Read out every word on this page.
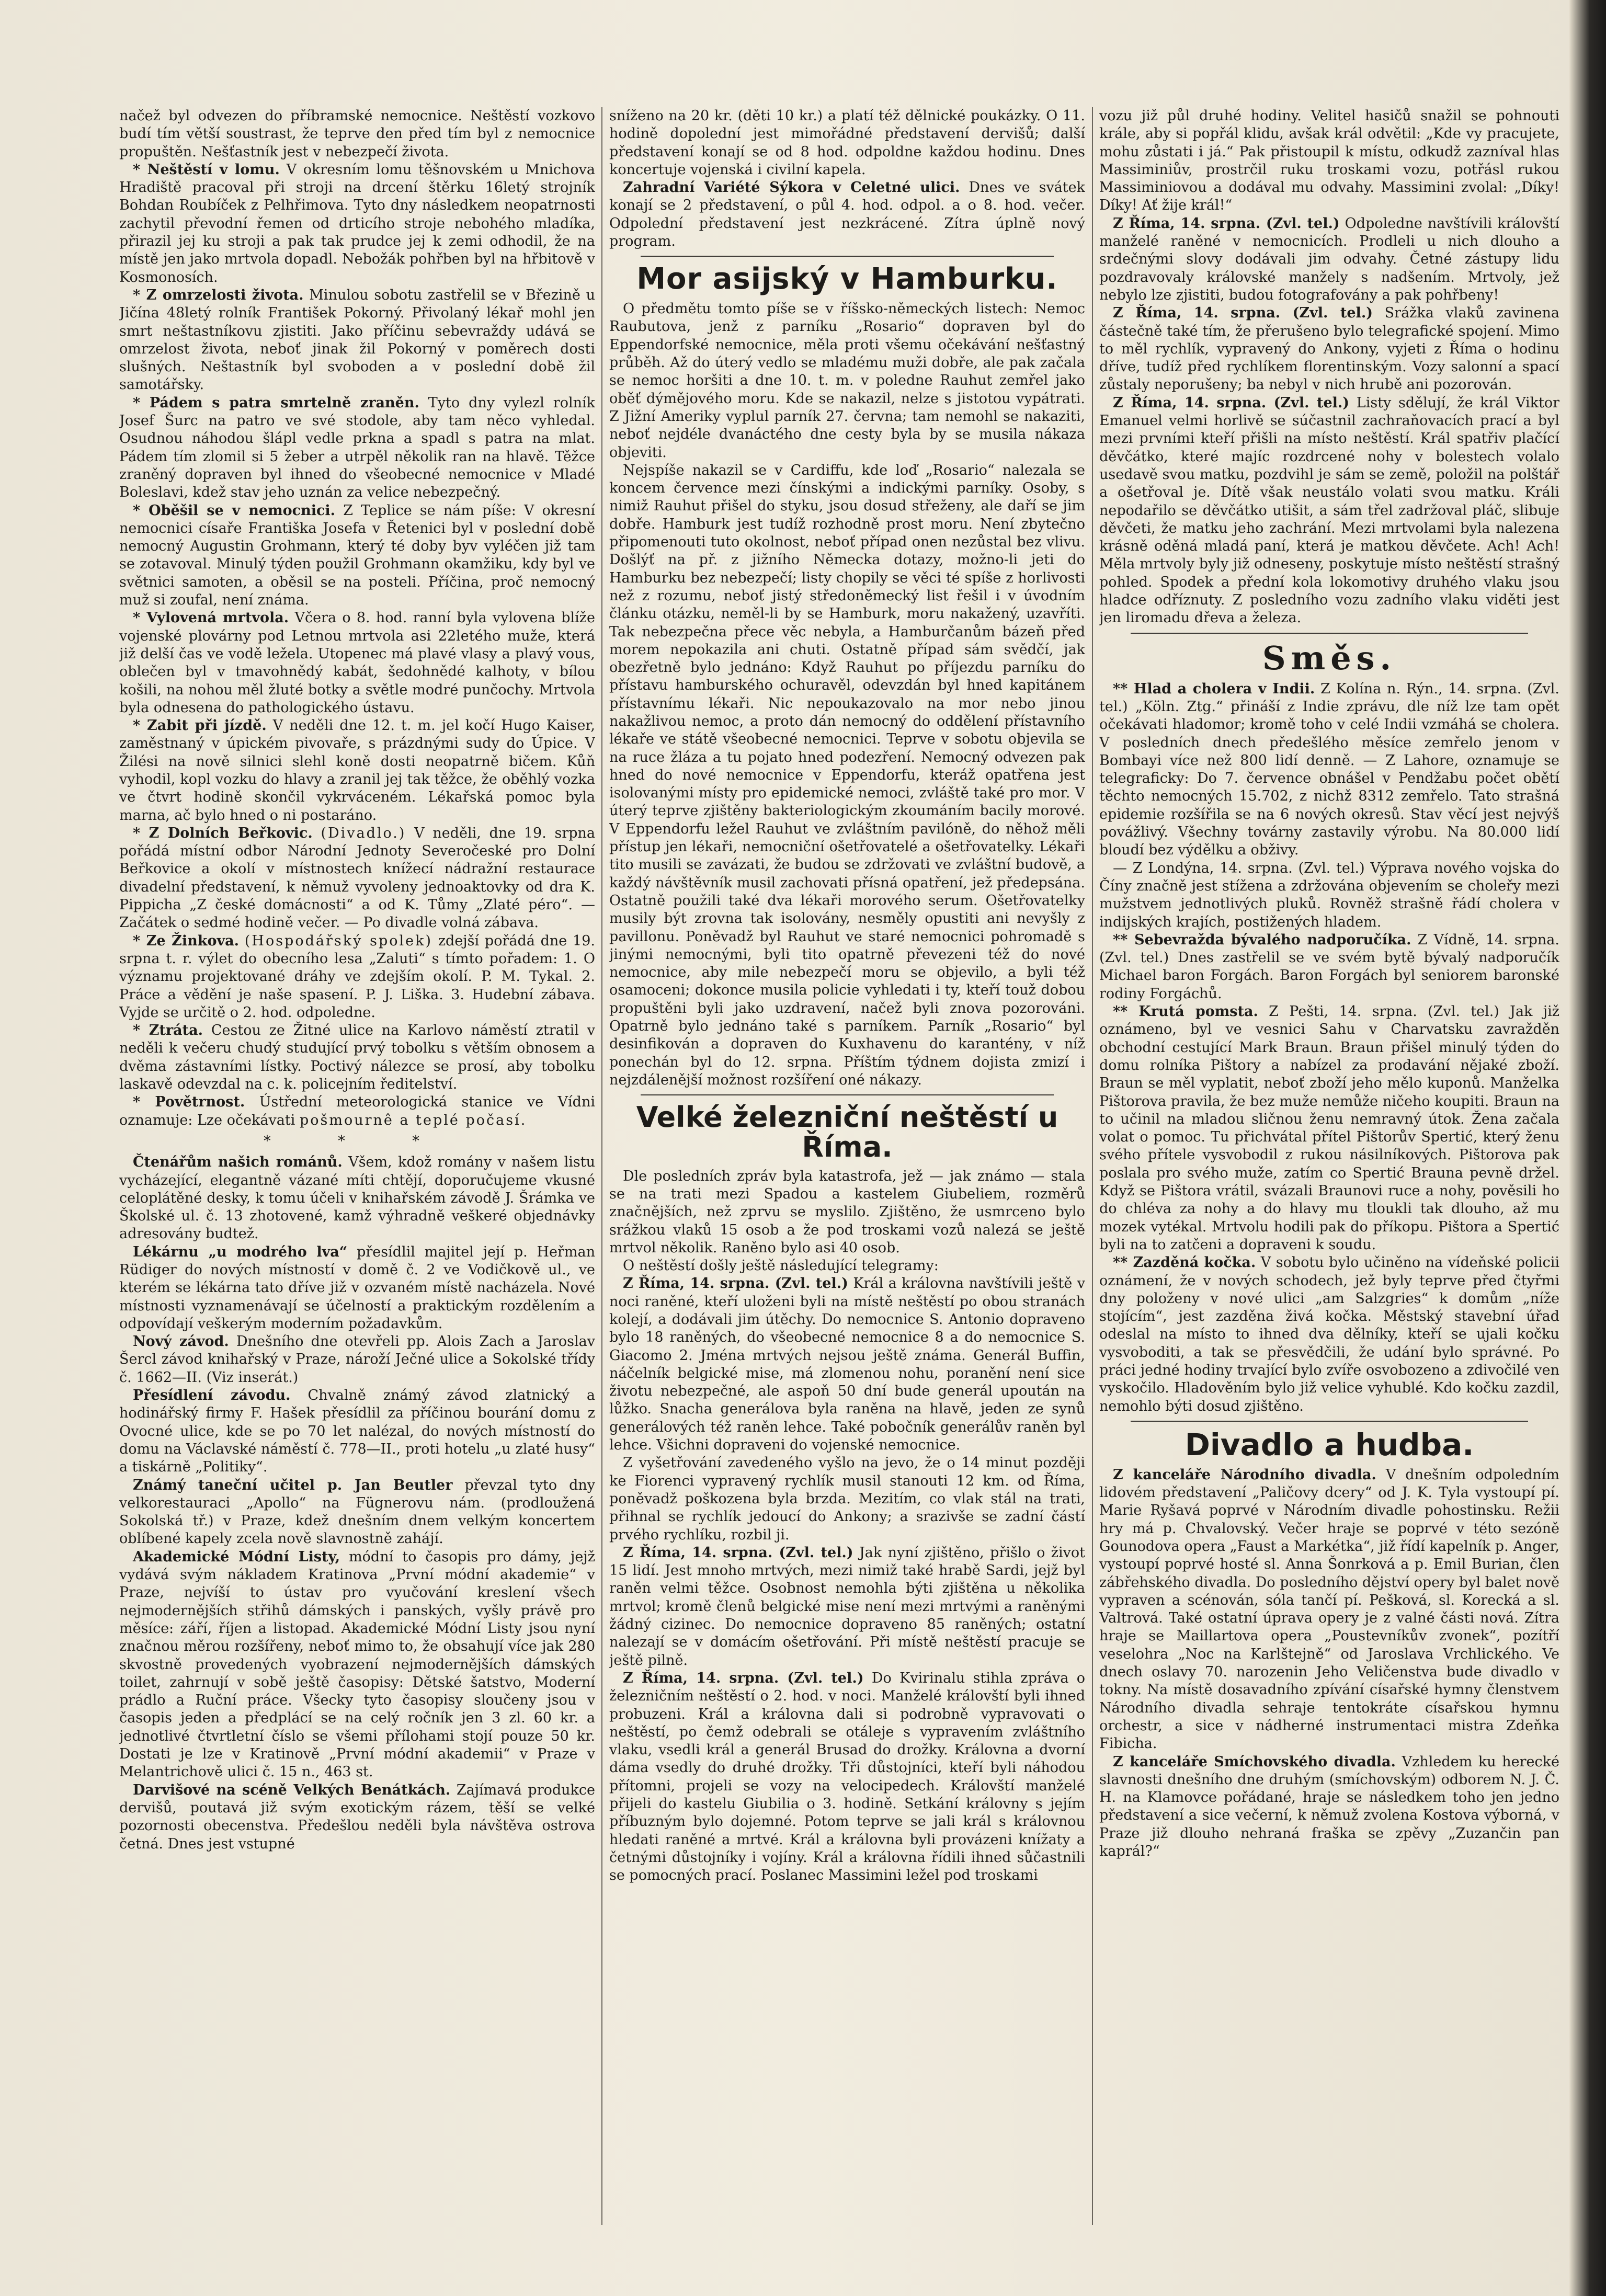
načež byl odvezen do příbramské nemocnice. Neštěstí vozkovo budí tím větší soustrast, že teprve den před tím byl z nemocnice propuštěn. Nešťastník jest v nebezpečí života.

* Neštěstí v lomu. V okresním lomu těšnovském u Mnichova Hradiště pracoval při stroji na drcení štěrku 16letý strojník Bohdan Roubíček z Pelhřimova. Tyto dny následkem neopatrnosti zachytil převodní řemen od drticího stroje nebohého mladíka, přirazil jej ku stroji a pak tak prudce jej k zemi odhodil, že na místě jen jako mrtvola dopadl. Nebožák pohřben byl na hřbitově v Kosmonosích.

* Z omrzelosti života. Minulou sobotu zastřelil se v Březině u Jičína 48letý rolník František Pokorný. Přivolaný lékař mohl jen smrt neštastníkovu zjistiti. Jako příčinu sebevraždy udává se omrzelost života, neboť jinak žil Pokorný v poměrech dosti slušných. Neštastník byl svoboden a v poslední době žil samotářsky.

* Pádem s patra smrtelně zraněn. Tyto dny vylezl rolník Josef Šurc na patro ve své stodole, aby tam něco vyhledal. Osudnou náhodou šlápl vedle prkna a spadl s patra na mlat. Pádem tím zlomil si 5 žeber a utrpěl několik ran na hlavě. Těžce zraněný dopraven byl ihned do všeobecné nemocnice v Mladé Boleslavi, kdež stav jeho uznán za velice nebezpečný.

* Oběšil se v nemocnici. Z Teplice se nám píše: V okresní nemocnici císaře Františka Josefa v Řetenici byl v poslední době nemocný Augustin Grohmann, který té doby byv vyléčen již tam se zotavoval. Minulý týden použil Grohmann okamžiku, kdy byl ve světnici samoten, a oběsil se na posteli. Příčina, proč nemocný muž si zoufal, není známa.

* Vylovená mrtvola. Včera o 8. hod. ranní byla vylovena blíže vojenské plovárny pod Letnou mrtvola asi 22letého muže, která již delší čas ve vodě ležela. Utopenec má plavé vlasy a plavý vous, oblečen byl v tmavohnědý kabát, šedohnědé kalhoty, v bílou košili, na nohou měl žluté botky a světle modré punčochy. Mrtvola byla odnesena do pathologického ústavu.

* Zabit při jízdě. V neděli dne 12. t. m. jel kočí Hugo Kaiser, zaměstnaný v úpickém pivovaře, s prázdnými sudy do Úpice. V Žilési na nově silnici slehl koně dosti neopatrně bičem. Kůň vyhodil, kopl vozku do hlavy a zranil jej tak těžce, že oběhlý vozka ve čtvrt hodině skončil vykrváceném. Lékařská pomoc byla marna, ač bylo hned o ni postaráno.

* Z Dolních Beřkovic. (Divadlo.) V neděli, dne 19. srpna pořádá místní odbor Národní Jednoty Severočeské pro Dolní Beřkovice a okolí v místnostech knížecí nádražní restaurace divadelní představení, k němuž vyvoleny jednoaktovky od drа K. Pippicha „Z české domácnosti“ a od K. Tůmy „Zlaté péro“. — Začátek o sedmé hodině večer. — Po divadle volná zábava.

* Ze Žinkova. (Hospodářský spolek) zdejší pořádá dne 19. srpna t. r. výlet do obecního lesa „Zaluti“ s tímto pořadem: 1. O významu projektované dráhy ve zdejším okolí. P. M. Tykal. 2. Práce a vědění je naše spasení. P. J. Liška. 3. Hudební zábava. Vyjde se určitě o 2. hod. odpoledne.

* Ztráta. Cestou ze Žitné ulice na Karlovo náměstí ztratil v neděli k večeru chudý studující prvý tobolku s větším obnosem a dvěma zástavními lístky. Poctivý nálezce se prosí, aby tobolku laskavě odevzdal na c. k. policejním ředitelství.

* Povětrnost. Ústřední meteorologická stanice ve Vídni oznamuje: Lze očekávati pošmournê a teplé počasí.

* * *

Čtenářům našich románů. Všem, kdož romány v našem listu vycházející, elegantně vázané míti chtějí, doporučujeme vkusné celoplátěné desky, k tomu účeli v knihařském závodě J. Šrámka ve Školské ul. č. 13 zhotovené, kamž výhradně veškeré objednávky adresovány budtež.

Lékárnu „u modrého lva“ přesídlil majitel její p. Heřman Rüdiger do nových místností v domě č. 2 ve Vodičkově ul., ve kterém se lékárna tato dříve již v ozvaném místě nacházela. Nové místnosti vyznamenávají se účelností a praktickým rozdělením a odpovídají veškerým moderním požadavkům.

Nový závod. Dnešního dne otevřeli pp. Alois Zach a Jaroslav Šercl závod knihařský v Praze, nároží Ječné ulice a Sokolské třídy č. 1662—II. (Viz inserát.)

Přesídlení závodu. Chvalně známý závod zlatnický a hodinářský firmy F. Hašek přesídlil za příčinou bourání domu z Ovocné ulice, kde se po 70 let nalézal, do nových místností do domu na Václavské náměstí č. 778—II., proti hotelu „u zlaté husy“ a tiskárně „Politiky“.

Známý taneční učitel p. Jan Beutler převzal tyto dny velkorestauraci „Apollo“ na Fügnerovu nám. (prodloužená Sokolská tř.) v Praze, kdež dnešním dnem velkým koncertem oblíbené kapely zcela nově slavnostně zahájí.

Akademické Módní Listy, módní to časopis pro dámy, jejž vydává svým nákladem Kratinova „První módní akademie“ v Praze, nejvíší to ústav pro vyučování kreslení všech nejmodernějších střihů dámských i panských, vyšly právě pro měsíce: září, říjen a listopad. Akademické Módní Listy jsou nyní značnou měrou rozšířeny, neboť mimo to, že obsahují více jak 280 skvostně provedených vyobrazení nejmodernějších dámských toilet, zahrnují v sobě ještě časopisy: Dětské šatstvo, Moderní prádlo a Ruční práce. Všecky tyto časopisy sloučeny jsou v časopis jeden a předplácí se na celý ročník jen 3 zl. 60 kr. a jednotlivé čtvrtletní číslo se všemi přílohami stojí pouze 50 kr. Dostati je lze v Kratinově „První módní akademii“ v Praze v Melantrichově ulici č. 15 n., 463 st.

Darvišové na scéně Velkých Benátkách. Zajímavá produkce dervišů, poutavá již svým exotickým rázem, těší se velké pozornosti obecenstva. Předešlou neděli byla návštěva ostrova četná. Dnes jest vstupné

sníženo na 20 kr. (děti 10 kr.) a platí též dělnické poukázky. O 11. hodině dopolední jest mimořádné představení dervišů; další představení konají se od 8 hod. odpoldne každou hodinu. Dnes koncertuje vojenská i civilní kapela.

Zahradní Variété Sýkora v Celetné ulici. Dnes ve svátek konají se 2 představení, o půl 4. hod. odpol. a o 8. hod. večer. Odpolední představení jest nezkrácené. Zítra úplně nový program.

Mor asijský v Hamburku.

O předmětu tomto píše se v říšsko-německých listech: Nemoc Raubutova, jenž z parníku „Rosario“ dopraven byl do Eppendorfské nemocnice, měla proti všemu očekávání nešťastný průběh. Až do úterý vedlo se mladému muži dobře, ale pak začala se nemoc horšiti a dne 10. t. m. v poledne Rauhut zemřel jako oběť dýmějového moru. Kde se nakazil, nelze s jistotou vypátrati. Z Jižní Ameriky vyplul parník 27. června; tam nemohl se nakaziti, neboť nejdéle dvanáctého dne cesty byla by se musila nákaza objeviti.

Nejspíše nakazil se v Cardiffu, kde loď „Rosario“ nalezala se koncem července mezi čínskými a indickými parníky. Osoby, s nimiž Rauhut přišel do styku, jsou dosud střeženy, ale daří se jim dobře. Hamburk jest tudíž rozhodně prost moru. Není zbytečno připomenouti tuto okolnost, neboť případ onen nezůstal bez vlivu. Došlýť na př. z jižního Německa dotazy, možno-li jeti do Hamburku bez nebezpečí; listy chopily se věci té spíše z horlivosti než z rozumu, neboť jistý středoněmecký list řešil i v úvodním článku otázku, neměl-li by se Hamburk, moru nakažený, uzavříti. Tak nebezpečna přece věc nebyla, a Hamburčanům bázeň před morem nepokazila ani chuti. Ostatně případ sám svědčí, jak obezřetně bylo jednáno: Když Rauhut po příjezdu parníku do přístavu hamburského ochuravěl, odevzdán byl hned kapitánem přístavnímu lékaři. Nic nepoukazovalo na mor nebo jinou nakažlivou nemoc, a proto dán nemocný do oddělení přístavního lékaře ve státě všeobecné nemocnici. Teprve v sobotu objevila se na ruce žláza a tu pojato hned podezření. Nemocný odvezen pak hned do nové nemocnice v Eppendorfu, kteráž opatřena jest isolovanými místy pro epidemické nemoci, zvláště také pro mor. V úterý teprve zjištěny bakteriologickým zkoumáním bacily morové. V Eppendorfu ležel Rauhut ve zvláštním pavilóně, do něhož měli přístup jen lékaři, nemocniční ošetřovatelé a ošetřovatelky. Lékaři tito musili se zavázati, že budou se zdržovati ve zvláštní budově, a každý návštěvník musil zachovati přísná opatření, jež předepsána. Ostatně použili také dva lékaři morového serum. Ošetřovatelky musily být zrovna tak isolovány, nesměly opustiti ani nevyšly z pavillonu. Poněvadž byl Rauhut ve staré nemocnici pohromadě s jinými nemocnými, byli tito opatrně převezeni též do nové nemocnice, aby mile nebezpečí moru se objevilo, a byli též osamoceni; dokonce musila policie vyhledati i ty, kteří touž dobou propuštěni byli jako uzdravení, načež byli znova pozorováni. Opatrně bylo jednáno také s parníkem. Parník „Rosario“ byl desinfikován a dopraven do Kuxhavenu do karantény, v níž ponechán byl do 12. srpna. Příštím týdnem dojista zmizí i nejzdálenější možnost rozšíření oné nákazy.

Velké železniční neštěstí u Říma.

Dle posledních zpráv byla katastrofa, jež — jak známo — stala se na trati mezi Spadou a kastelem Giubeliem, rozměrů značnějších, než zprvu se myslilo. Zjištěno, že usmrceno bylo srážkou vlaků 15 osob a že pod troskami vozů nalezá se ještě mrtvol několik. Raněno bylo asi 40 osob.

O neštěstí došly ještě následující telegramy:

Z Říma, 14. srpna. (Zvl. tel.) Král a královna navštívili ještě v noci raněné, kteří uloženi byli na místě neštěstí po obou stranách kolejí, a dodávali jim útěchy. Do nemocnice S. Antonio dopraveno bylo 18 raněných, do všeobecné nemocnice 8 a do nemocnice S. Giacomo 2. Jména mrtvých nejsou ještě známa. Generál Buffin, náčelník belgické mise, má zlomenou nohu, poranění není sice životu nebezpečné, ale aspoň 50 dní bude generál upoután na lůžko. Snacha generálova byla raněna na hlavě, jeden ze synů generálových též raněn lehce. Také pobočník generálův raněn byl lehce. Všichni dopraveni do vojenské nemocnice.

Z vyšetřování zavedeného vyšlo na jevo, že o 14 minut později ke Fiorenci vypravený rychlík musil stanouti 12 km. od Říma, poněvadž poškozena byla brzda. Mezitím, co vlak stál na trati, přihnal se rychlík jedoucí do Ankony; a srazivše se zadní částí prvého rychlíku, rozbil ji.

Z Říma, 14. srpna. (Zvl. tel.) Jak nyní zjištěno, přišlo o život 15 lidí. Jest mnoho mrtvých, mezi nimiž také hrabě Sardi, jejž byl raněn velmi těžce. Osobnost nemohla býti zjištěna u několika mrtvol; kromě členů belgické mise není mezi mrtvými a raněnými žádný cizinec. Do nemocnice dopraveno 85 raněných; ostatní nalezají se v domácím ošetřování. Při místě neštěstí pracuje se ještě pilně.

Z Říma, 14. srpna. (Zvl. tel.) Do Kvirinalu stihla zpráva o železničním neštěstí o 2. hod. v noci. Manželé královští byli ihned probuzeni. Král a královna dali si podrobně vypravovati o neštěstí, po čemž odebrali se otáleje s vypravením zvláštního vlaku, vsedli král a generál Brusad do drožky. Královna a dvorní dáma vsedly do druhé drožky. Tři důstojníci, kteří byli náhodou přítomni, projeli se vozy na velocipedech. Královští manželé přijeli do kastelu Giubilia o 3. hodině. Setkání královny s jejím příbuzným bylo dojemné. Potom teprve se jali král s královnou hledati raněné a mrtvé. Král a královna byli provázeni knížaty a četnými důstojníky i vojíny. Král a královna řídili ihned sůčastnili se pomocných prací. Poslanec Massimini ležel pod troskami

vozu již půl druhé hodiny. Velitel hasičů snažil se pohnouti krále, aby si popřál klidu, avšak král odvětil: „Kde vy pracujete, mohu zůstati i já.“ Pak přistoupil k místu, odkudž zazníval hlas Massiminiův, prostrčil ruku troskami vozu, potřásl rukou Massiminiovou a dodával mu odvahy. Massimini zvolal: „Díky! Díky! Ať žije král!“

Z Říma, 14. srpna. (Zvl. tel.) Odpoledne navštívili královští manželé raněné v nemocnicích. Prodleli u nich dlouho a srdečnými slovy dodávali jim odvahy. Četné zástupy lidu pozdravovaly královské manžely s nadšením. Mrtvoly, jež nebylo lze zjistiti, budou fotografovány a pak pohřbeny!

Z Říma, 14. srpna. (Zvl. tel.) Srážka vlaků zavinena částečně také tím, že přerušeno bylo telegrafické spojení. Mimo to měl rychlík, vypravený do Ankony, vyjeti z Říma o hodinu dříve, tudíž před rychlíkem florentinským. Vozy salonní a spací zůstaly neporušeny; ba nebyl v nich hrubě ani pozorován.

Z Říma, 14. srpna. (Zvl. tel.) Listy sdělují, že král Viktor Emanuel velmi horlivě se súčastnil zachraňovacích prací a byl mezi prvními kteří přišli na místo neštěstí. Král spatřiv plačící děvčátko, které majíc rozdrcené nohy v bolestech volalo usedavě svou matku, pozdvihl je sám se země, položil na polštář a ošetřoval je. Dítě však neustálo volati svou matku. Králi nepodařilo se děvčátko utišit, a sám třel zadržoval pláč, slibuje děvčeti, že matku jeho zachrání. Mezi mrtvolami byla nalezena krásně oděná mladá paní, která je matkou děvčete. Ach! Ach! Měla mrtvoly byly již odneseny, poskytuje místo neštěstí strašný pohled. Spodek a přední kola lokomotivy druhého vlaku jsou hladce odříznuty. Z posledního vozu zadního vlaku viděti jest jen liromadu dřeva a železa.

Směs.

** Hlad a cholera v Indii. Z Kolína n. Rýn., 14. srpna. (Zvl. tel.) „Köln. Ztg.“ přináší z Indie zprávu, dle níž lze tam opět očekávati hladomor; kromě toho v celé Indii vzmáhá se cholera. V posledních dnech předešlého měsíce zemřelo jenom v Bombayi více než 800 lidí denně. — Z Lahore, oznamuje se telegraficky: Do 7. července obnášel v Pendžabu počet obětí těchto nemocných 15.702, z nichž 8312 zemřelo. Tato strašná epidemie rozšířila se na 6 nových okresů. Stav věcí jest nejvýš povážlivý. Všechny továrny zastavily výrobu. Na 80.000 lidí bloudí bez výdělku a obživy.

— Z Londýna, 14. srpna. (Zvl. tel.) Výprava nového vojska do Číny značně jest stížena a zdržována objevením se choleřy mezi mužstvem jednotlivých pluků. Rovněž strašně řádí cholera v indijských krajích, postižených hladem.

** Sebevražda bývalého nadporučíka. Z Vídně, 14. srpna. (Zvl. tel.) Dnes zastřelil se ve svém bytě bývalý nadporučík Michael baron Forgách. Baron Forgách byl seniorem baronské rodiny Forgáchů.

** Krutá pomsta. Z Pešti, 14. srpna. (Zvl. tel.) Jak již oznámeno, byl ve vesnici Sahu v Charvatsku zavražděn obchodní cestující Mark Braun. Braun přišel minulý týden do domu rolníka Pištory a nabízel za prodavání nějaké zboží. Braun se měl vyplatit, neboť zboží jeho mělo kuponů. Manželka Pištorova pravila, že bez muže nemůže ničeho koupiti. Braun na to učinil na mladou sličnou ženu nemravný útok. Žena začala volat o pomoc. Tu přichvátal přítel Pištorův Spertić, který ženu svého přítele vysvobodil z rukou násilníkových. Pištorova pak poslala pro svého muže, zatím co Spertić Brauna pevně držel. Když se Pištora vrátil, svázali Braunovi ruce a nohy, pověsili ho do chlévа za nohy a do hlavy mu tloukli tak dlouho, až mu mozek vytékal. Mrtvolu hodili pak do příkopu. Pištora a Spertić byli na to zatčeni a dopraveni k soudu.

** Zazděná kočka. V sobotu bylo učiněno na vídeňské policii oznámení, že v nových schodech, jež byly teprve před čtyřmi dny položeny v nové ulici „am Salzgries“ k domům „níže stojícím“, jest zazděna živá kočka. Městský stavební úřad odeslal na místo to ihned dva dělníky, kteří se ujali kočku vysvoboditi, a tak se přesvědčili, že udání bylo správné. Po práci jedné hodiny trvající bylo zvíře osvobozeno a zdivočilé ven vyskočilo. Hladověním bylo již velice vyhublé. Kdo kočku zazdil, nemohlo býti dosud zjištěno.

Divadlo a hudba.

Z kanceláře Národního divadla. V dnešním odpoledním lidovém představení „Paličovy dcery“ od J. K. Tyla vystoupí pí. Marie Ryšavá poprvé v Národním divadle pohostinsku. Režii hry má p. Chvalovský. Večer hraje se poprvé v této sezóně Gounodova opera „Faust a Markétka“, již řídí kapelník p. Anger, vystoupí poprvé hosté sl. Anna Šonrková a p. Emil Burian, člen zábřehského divadla. Do posledního dějství opery byl balet nově vypraven a scénován, sóla tančí pí. Pešková, sl. Korecká a sl. Valtrová. Také ostatní úprava opery je z valné části nová. Zítra hraje se Maillartova opera „Poustevníkův zvonek“, pozítří veselohra „Noc na Karlštejně“ od Jaroslava Vrchlického. Ve dnech oslavy 70. narozenin Jeho Veličenstva bude divadlo v tokny. Na místě dosavadního zpívání císařské hymny členstvem Národního divadla sehraje tentokráte císařskou hymnu orchestr, a sice v nádherné instrumentaci mistra Zdeňka Fibicha.

Z kanceláře Smíchovského divadla. Vzhledem ku herecké slavnosti dnešního dne druhým (smíchovským) odborem N. J. Č. H. na Klamovce pořádané, hraje se následkem toho jen jedno představení a sice večerní, k němuž zvolena Kostova výborná, v Praze již dlouho nehraná fraška se zpěvy „Zuzančin pan kaprál?“
